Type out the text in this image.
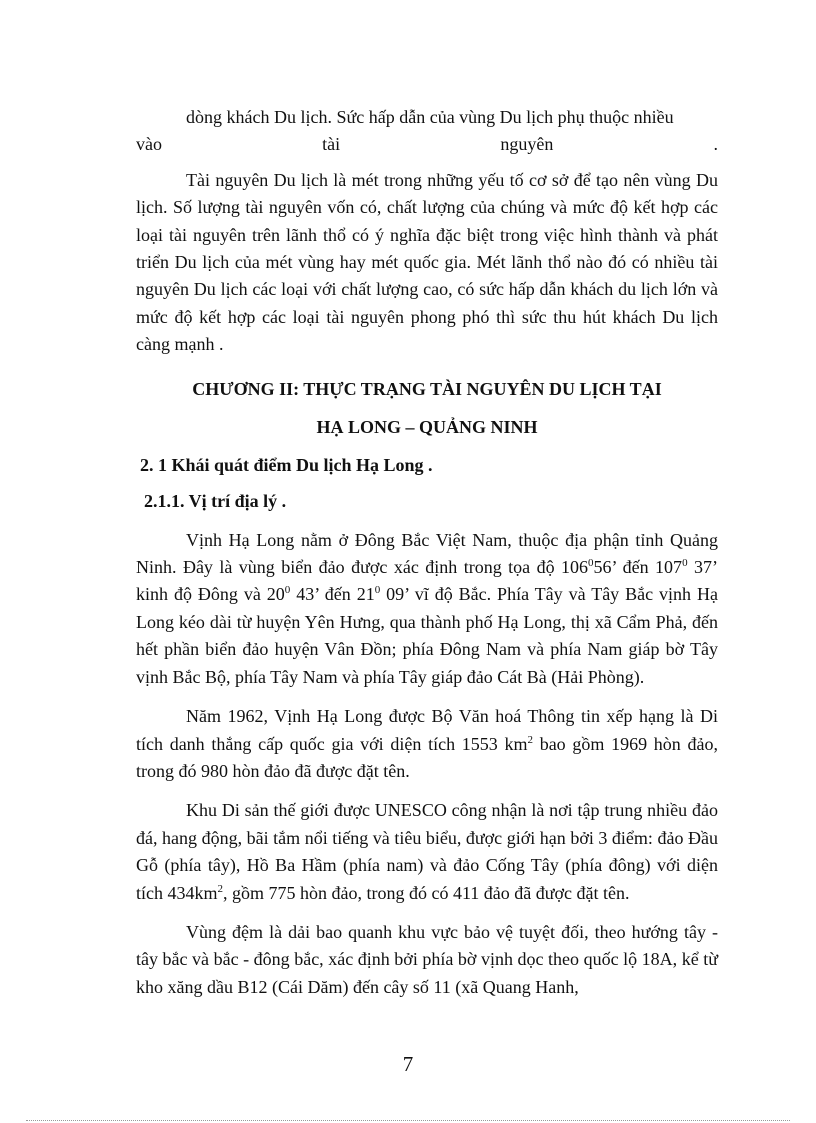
dòng khách Du lịch. Sức hấp dẫn của vùng Du lịch phụ thuộc nhiều

vào tài nguyên .

Tài nguyên Du lịch là mét trong những yếu tố cơ sở để tạo nên vùng Du lịch. Số lượng tài nguyên vốn có, chất lượng của chúng và mức độ kết hợp các loại tài nguyên trên lãnh thổ có ý nghĩa đặc biệt trong việc hình thành và phát triển Du lịch của mét vùng hay mét quốc gia. Mét lãnh thổ nào đó có nhiều tài nguyên Du lịch các loại với chất lượng cao, có sức hấp dẫn khách du lịch lớn và mức độ kết hợp các loại tài nguyên phong phó thì sức thu hút khách Du lịch càng mạnh .

CHƯƠNG II: THỰC TRẠNG TÀI NGUYÊN DU LỊCH TẠI
HẠ LONG – QUẢNG NINH
2. 1 Khái quát điểm Du lịch Hạ Long .
2.1.1. Vị trí địa lý .

Vịnh Hạ Long nằm ở Đông Bắc Việt Nam, thuộc địa phận tỉnh Quảng Ninh. Đây là vùng biển đảo được xác định trong tọa độ $106^056$’ đến $107^0$ 37’ kinh độ Đông và $20^0$ 43’ đến $21^0$ 09’ vĩ độ Bắc. Phía Tây và Tây Bắc vịnh Hạ Long kéo dài từ huyện Yên Hưng, qua thành phố Hạ Long, thị xã Cẩm Phả, đến hết phần biển đảo huyện Vân Đồn; phía Đông Nam và phía Nam giáp bờ Tây vịnh Bắc Bộ, phía Tây Nam và phía Tây giáp đảo Cát Bà (Hải Phòng).

Năm 1962, Vịnh Hạ Long được Bộ Văn hoá Thông tin xếp hạng là Di tích danh thắng cấp quốc gia với diện tích 1553 $km^2$ bao gồm 1969 hòn đảo, trong đó 980 hòn đảo đã được đặt tên.

Khu Di sản thế giới được UNESCO công nhận là nơi tập trung nhiều đảo đá, hang động, bãi tắm nổi tiếng và tiêu biểu, được giới hạn bởi 3 điểm: đảo Đầu Gỗ (phía tây), Hồ Ba Hầm (phía nam) và đảo Cống Tây (phía đông) với diện tích $434km^2$, gồm 775 hòn đảo, trong đó có 411 đảo đã được đặt tên.

Vùng đệm là dải bao quanh khu vực bảo vệ tuyệt đối, theo hướng tây - tây bắc và bắc - đông bắc, xác định bởi phía bờ vịnh dọc theo quốc lộ 18A, kể từ kho xăng dầu B12 (Cái Dăm) đến cây số 11 (xã Quang Hanh,

7
